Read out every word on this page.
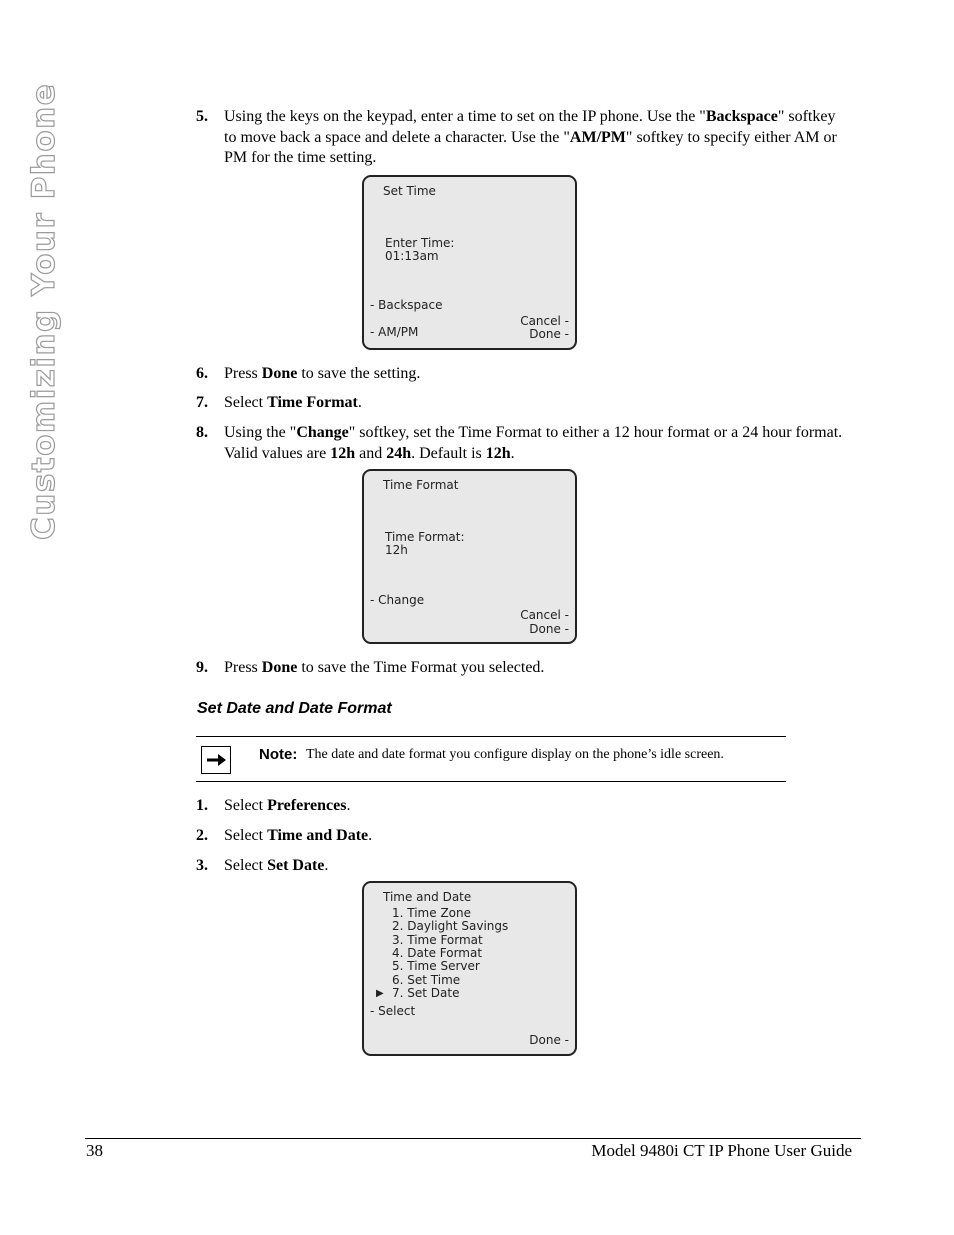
Customizing Your Phone	5. Using the keys on the keypad, enter a time to set on the IP phone. Use the "Backspace" softkey to move back a space and delete a character. Use the "AM/PM" softkey to specify either AM or PM for the time setting.
Set Time
Enter Time:
01:13am
- Backspace
- AM/PM
Cancel -
Done -
6. Press Done to save the setting.
7. Select Time Format.
8. Using the "Change" softkey, set the Time Format to either a 12 hour format or a 24 hour format. Valid values are 12h and 24h. Default is 12h.
Time Format
Time Format:
12h
- Change
Cancel -
Done -
9. Press Done to save the Time Format you selected.
Set Date and Date Format
Note: The date and date format you configure display on the phone’s idle screen.
1. Select Preferences.
2. Select Time and Date.
3. Select Set Date.
Time and Date
1. Time Zone
2. Daylight Savings
3. Time Format
4. Date Format
5. Time Server
6. Set Time
7. Set Date
▶
- Select
Done -
38	Model 9480i CT IP Phone User Guide
